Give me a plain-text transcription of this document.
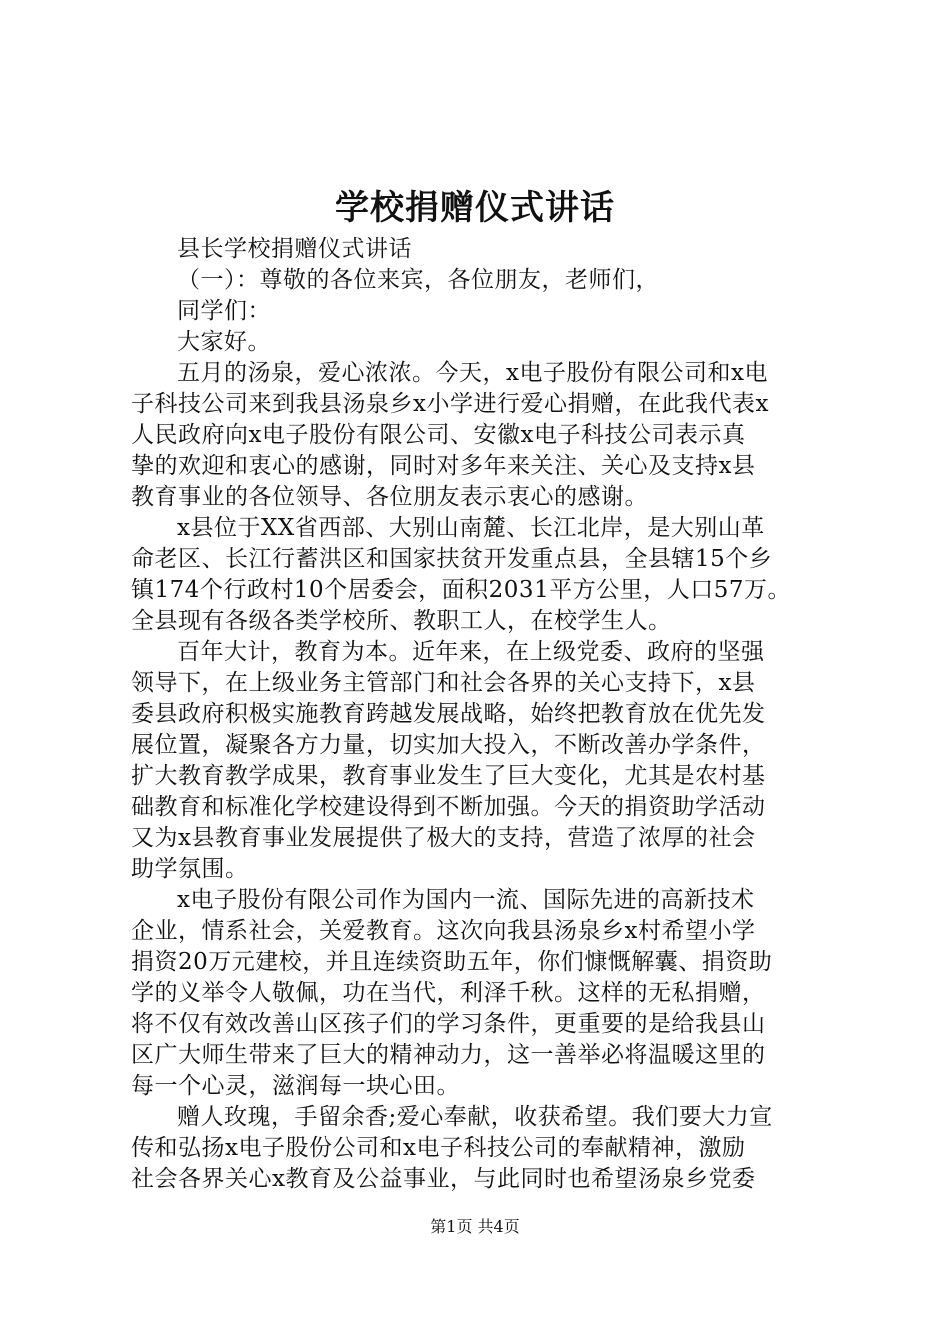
学校捐赠仪式讲话
县长学校捐赠仪式讲话
（一）：尊敬的各位来宾，各位朋友，老师们，
同学们：
大家好。
五月的汤泉，爱心浓浓。今天，x电子股份有限公司和x电
子科技公司来到我县汤泉乡x小学进行爱心捐赠，在此我代表x
人民政府向x电子股份有限公司、安徽x电子科技公司表示真
挚的欢迎和衷心的感谢，同时对多年来关注、关心及支持x县
教育事业的各位领导、各位朋友表示衷心的感谢。
x县位于XX省西部、大别山南麓、长江北岸，是大别山革
命老区、长江行蓄洪区和国家扶贫开发重点县，全县辖15个乡
镇174个行政村10个居委会，面积2031平方公里，人口57万。
全县现有各级各类学校所、教职工人，在校学生人。
百年大计，教育为本。近年来，在上级党委、政府的坚强
领导下，在上级业务主管部门和社会各界的关心支持下，x县
委县政府积极实施教育跨越发展战略，始终把教育放在优先发
展位置，凝聚各方力量，切实加大投入，不断改善办学条件，
扩大教育教学成果，教育事业发生了巨大变化，尤其是农村基
础教育和标准化学校建设得到不断加强。今天的捐资助学活动
又为x县教育事业发展提供了极大的支持，营造了浓厚的社会
助学氛围。
x电子股份有限公司作为国内一流、国际先进的高新技术
企业，情系社会，关爱教育。这次向我县汤泉乡x村希望小学
捐资20万元建校，并且连续资助五年，你们慷慨解囊、捐资助
学的义举令人敬佩，功在当代，利泽千秋。这样的无私捐赠，
将不仅有效改善山区孩子们的学习条件，更重要的是给我县山
区广大师生带来了巨大的精神动力，这一善举必将温暖这里的
每一个心灵，滋润每一块心田。
赠人玫瑰，手留余香;爱心奉献，收获希望。我们要大力宣
传和弘扬x电子股份公司和x电子科技公司的奉献精神，激励
社会各界关心x教育及公益事业，与此同时也希望汤泉乡党委
第1页 共4页
